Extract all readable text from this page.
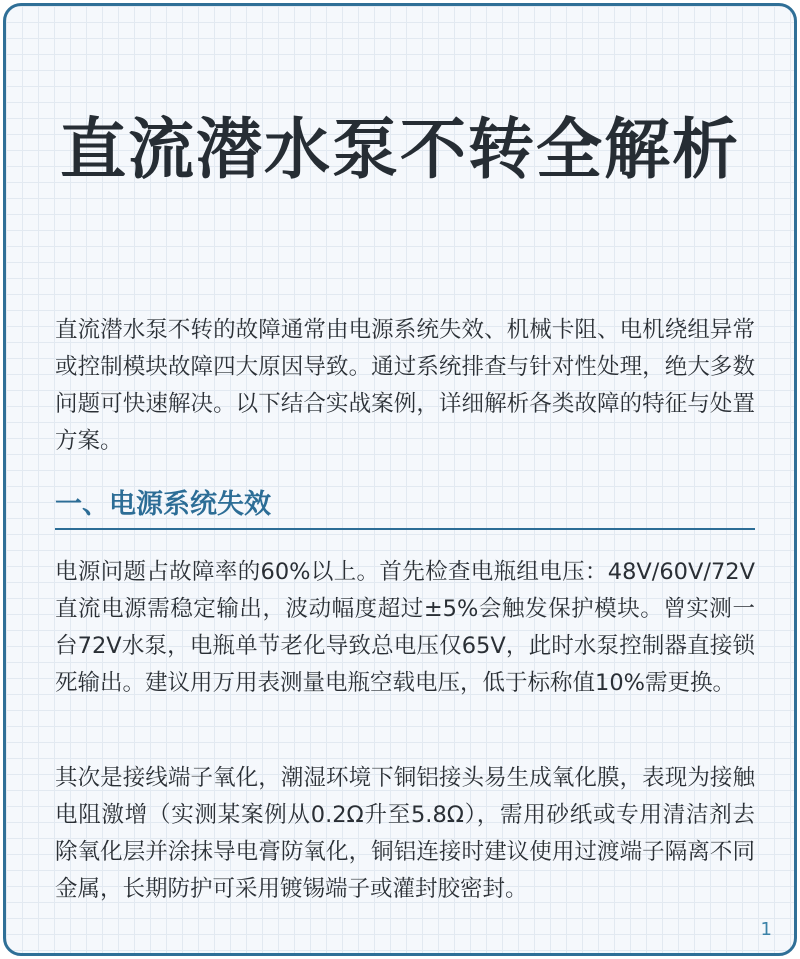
直流潜水泵不转全解析

直流潜水泵不转的故障通常由电源系统失效、机械卡阻、电机绕组异常或控制模块故障四大原因导致。通过系统排查与针对性处理，绝大多数问题可快速解决。以下结合实战案例，详细解析各类故障的特征与处置方案。

一、电源系统失效

电源问题占故障率的60%以上。首先检查电瓶组电压：48V/60V/72V直流电源需稳定输出，波动幅度超过±5%会触发保护模块。曾实测一台72V水泵，电瓶单节老化导致总电压仅65V，此时水泵控制器直接锁死输出。建议用万用表测量电瓶空载电压，低于标称值10%需更换。

其次是接线端子氧化，潮湿环境下铜铝接头易生成氧化膜，表现为接触电阻激增（实测某案例从0.2Ω升至5.8Ω），需用砂纸或专用清洁剂去除氧化层并涂抹导电膏防氧化，铜铝连接时建议使用过渡端子隔离不同金属，长期防护可采用镀锡端子或灌封胶密封。

1
